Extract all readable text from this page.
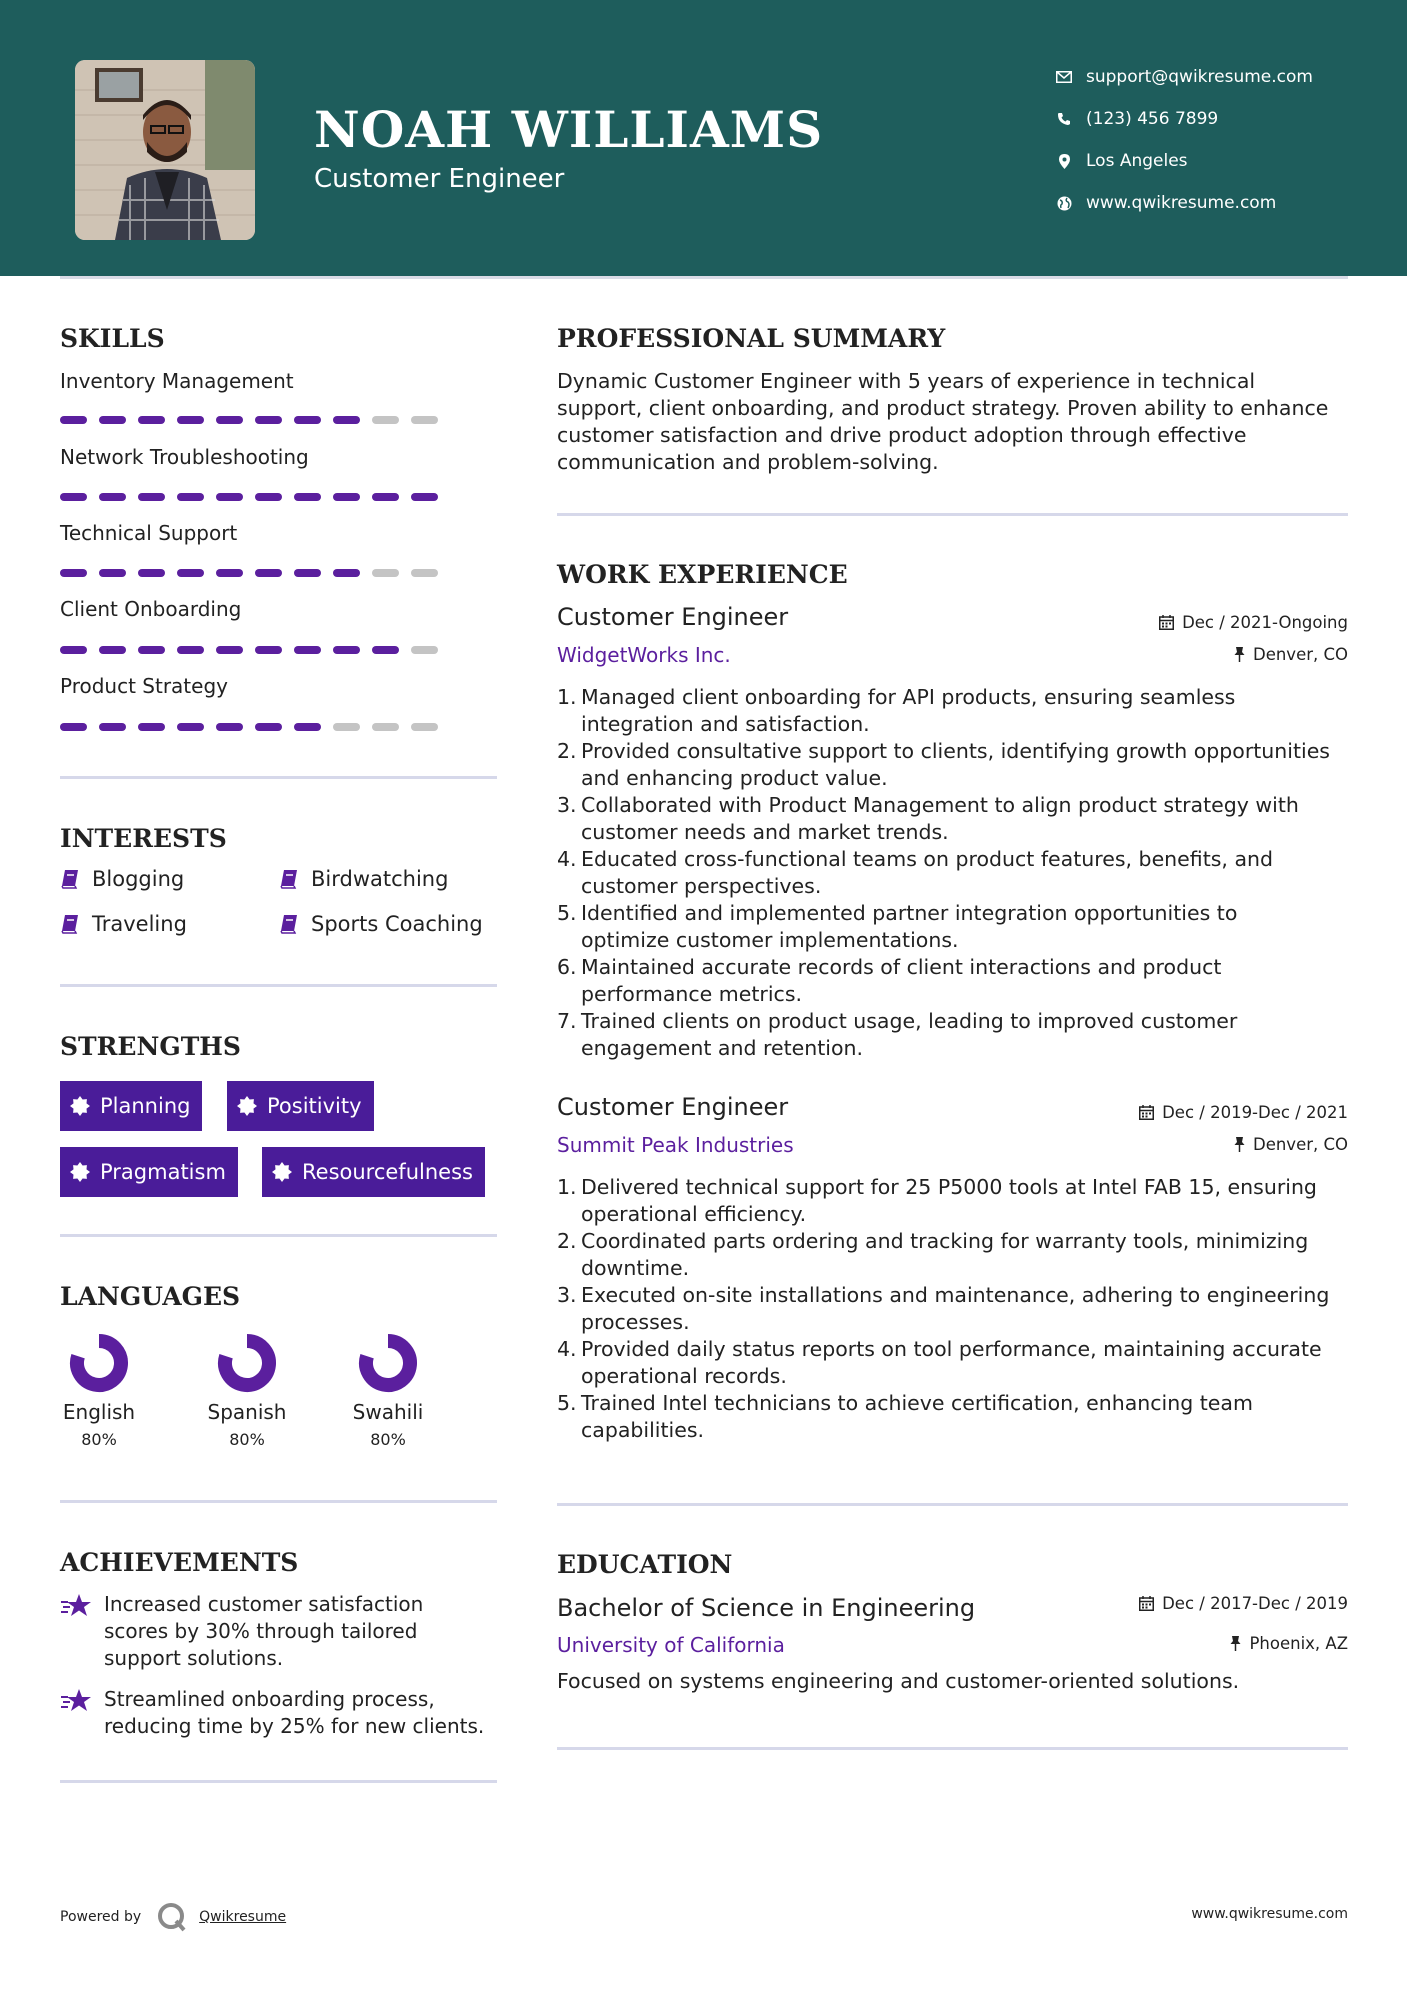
NOAH WILLIAMS
Customer Engineer
support@qwikresume.com
(123) 456 7899
Los Angeles
www.qwikresume.com
SKILLS
Inventory Management
Network Troubleshooting
Technical Support
Client Onboarding
Product Strategy
INTERESTS
Blogging	Birdwatching
Traveling	Sports Coaching
STRENGTHS
Planning	Positivity
Pragmatism	Resourcefulness
LANGUAGES
English
80%
Spanish
80%
Swahili
80%
ACHIEVEMENTS
Increased customer satisfaction
scores by 30% through tailored
support solutions.
Streamlined onboarding process,
reducing time by 25% for new clients.
PROFESSIONAL SUMMARY
Dynamic Customer Engineer with 5 years of experience in technical
support, client onboarding, and product strategy. Proven ability to enhance
customer satisfaction and drive product adoption through effective
communication and problem-solving.
WORK EXPERIENCE
Customer Engineer	Dec / 2021-Ongoing
WidgetWorks Inc.	Denver, CO
1. Managed client onboarding for API products, ensuring seamless
integration and satisfaction.
2. Provided consultative support to clients, identifying growth opportunities
and enhancing product value.
3. Collaborated with Product Management to align product strategy with
customer needs and market trends.
4. Educated cross-functional teams on product features, benefits, and
customer perspectives.
5. Identified and implemented partner integration opportunities to
optimize customer implementations.
6. Maintained accurate records of client interactions and product
performance metrics.
7. Trained clients on product usage, leading to improved customer
engagement and retention.
Customer Engineer	Dec / 2019-Dec / 2021
Summit Peak Industries	Denver, CO
1. Delivered technical support for 25 P5000 tools at Intel FAB 15, ensuring
operational efficiency.
2. Coordinated parts ordering and tracking for warranty tools, minimizing
downtime.
3. Executed on-site installations and maintenance, adhering to engineering
processes.
4. Provided daily status reports on tool performance, maintaining accurate
operational records.
5. Trained Intel technicians to achieve certification, enhancing team
capabilities.
EDUCATION
Bachelor of Science in Engineering	Dec / 2017-Dec / 2019
University of California	Phoenix, AZ
Focused on systems engineering and customer-oriented solutions.
Powered by	Qwikresume	www.qwikresume.com
